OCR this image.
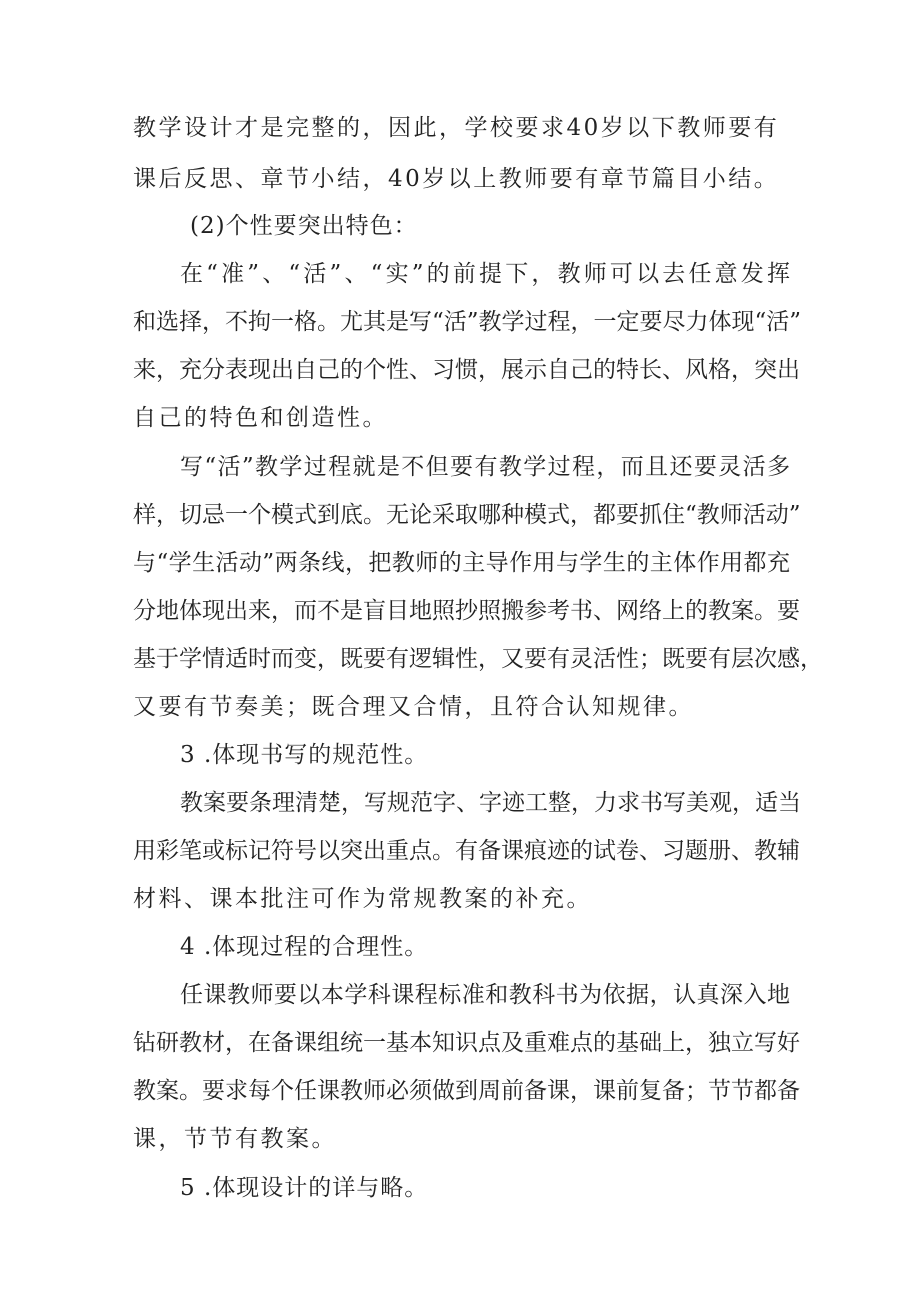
教学设计才是完整的，因此，学校要求40岁以下教师要有
课后反思、章节小结，40岁以上教师要有章节篇目小结。
(2)个性要突出特色：
在“准”、“活”、“实”的前提下，教师可以去任意发挥
和选择，不拘一格。尤其是写“活”教学过程，一定要尽力体现“活”
来，充分表现出自己的个性、习惯，展示自己的特长、风格，突出
自己的特色和创造性。
写“活”教学过程就是不但要有教学过程，而且还要灵活多
样，切忌一个模式到底。无论采取哪种模式，都要抓住“教师活动”
与“学生活动”两条线，把教师的主导作用与学生的主体作用都充
分地体现出来，而不是盲目地照抄照搬参考书、网络上的教案。要
基于学情适时而变，既要有逻辑性，又要有灵活性；既要有层次感，
又要有节奏美；既合理又合情，且符合认知规律。
3 .体现书写的规范性。
教案要条理清楚，写规范字、字迹工整，力求书写美观，适当
用彩笔或标记符号以突出重点。有备课痕迹的试卷、习题册、教辅
材料、课本批注可作为常规教案的补充。
4 .体现过程的合理性。
任课教师要以本学科课程标准和教科书为依据，认真深入地
钻研教材，在备课组统一基本知识点及重难点的基础上，独立写好
教案。要求每个任课教师必须做到周前备课，课前复备；节节都备
课，节节有教案。
5 .体现设计的详与略。
